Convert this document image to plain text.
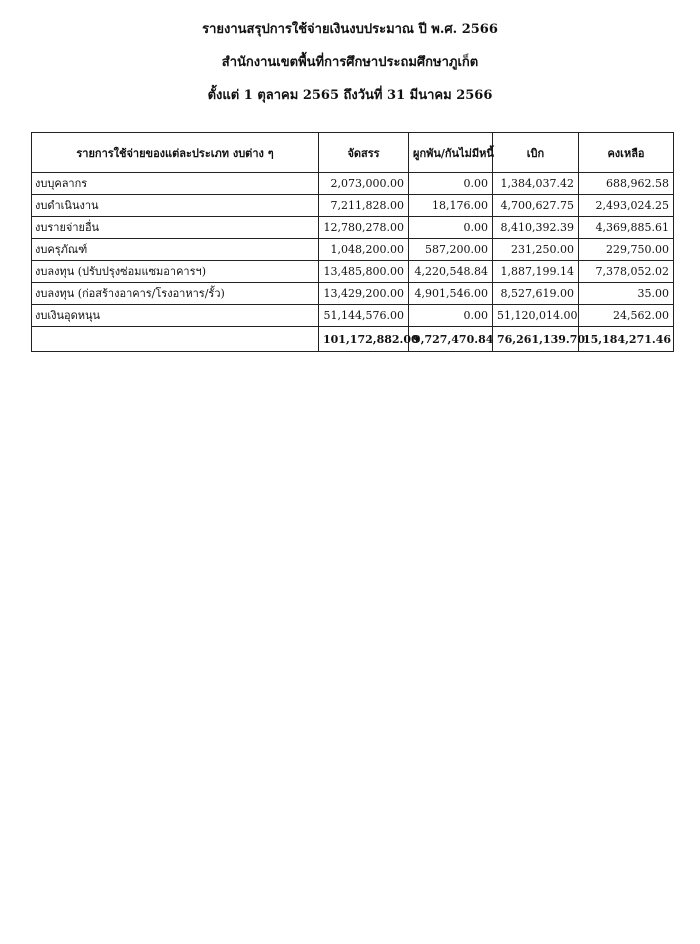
รายงานสรุปการใช้จ่ายเงินงบประมาณ ปี พ.ศ. 2566
สำนักงานเขตพื้นที่การศึกษาประถมศึกษาภูเก็ต
ตั้งแต่ 1 ตุลาคม 2565 ถึงวันที่ 31 มีนาคม 2566
รายการใช้จ่ายของแต่ละประเภท งบต่าง ๆ	จัดสรร	ผูกพัน/กันไม่มีหนี้	เบิก	คงเหลือ
งบบุคลากร	2,073,000.00	0.00	1,384,037.42	688,962.58
งบดำเนินงาน	7,211,828.00	18,176.00	4,700,627.75	2,493,024.25
งบรายจ่ายอื่น	12,780,278.00	0.00	8,410,392.39	4,369,885.61
งบครุภัณฑ์	1,048,200.00	587,200.00	231,250.00	229,750.00
งบลงทุน (ปรับปรุงซ่อมแซมอาคารฯ)	13,485,800.00	4,220,548.84	1,887,199.14	7,378,052.02
งบลงทุน (ก่อสร้างอาคาร/โรงอาหาร/รั้ว)	13,429,200.00	4,901,546.00	8,527,619.00	35.00
งบเงินอุดหนุน	51,144,576.00	0.00	51,120,014.00	24,562.00
	101,172,882.00	9,727,470.84	76,261,139.70	15,184,271.46
